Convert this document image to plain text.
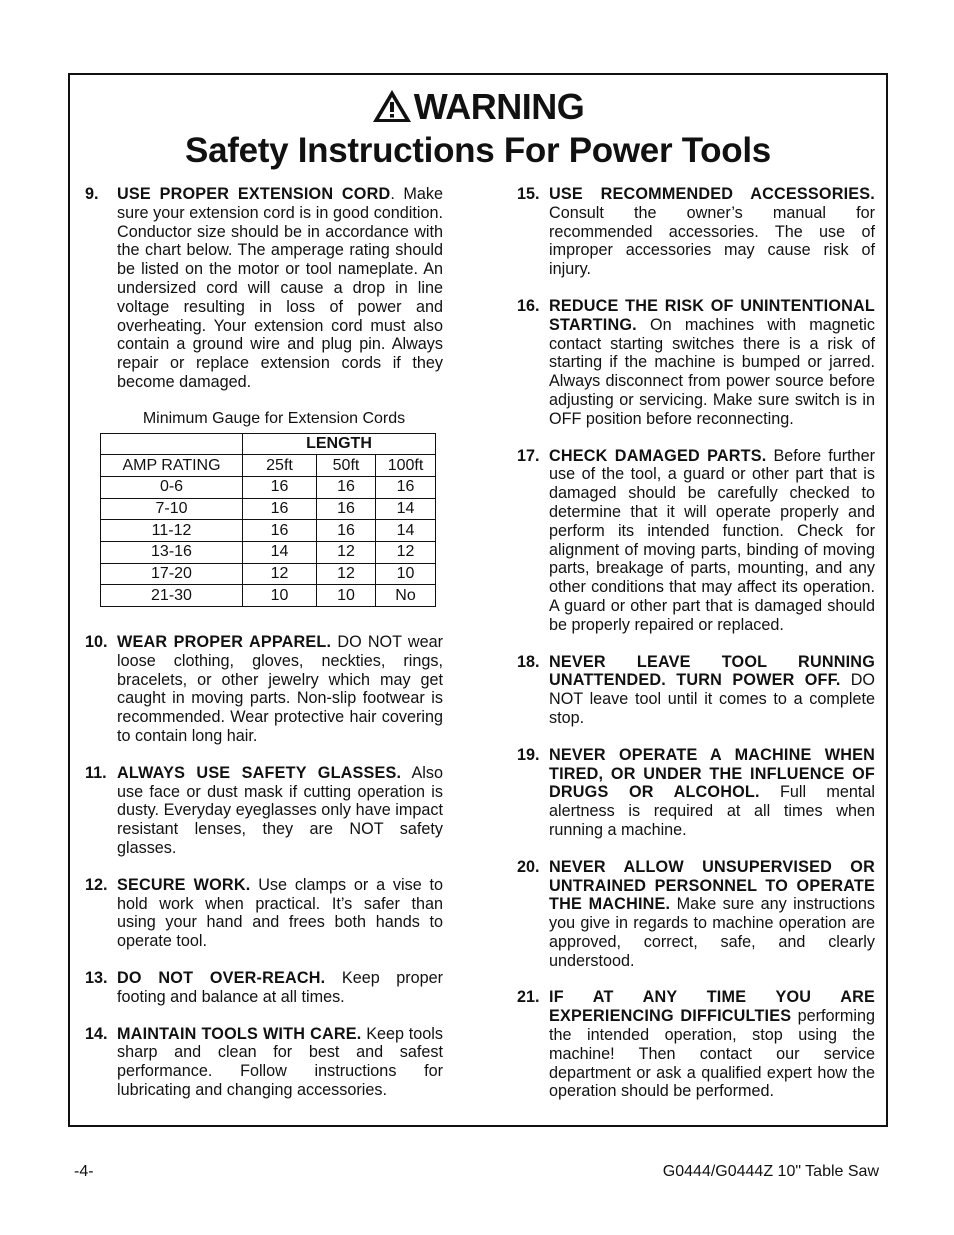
WARNING
Safety Instructions For Power Tools
9. USE PROPER EXTENSION CORD. Make sure your extension cord is in good condition. Conductor size should be in accordance with the chart below. The amperage rating should be listed on the motor or tool nameplate. An undersized cord will cause a drop in line voltage resulting in loss of power and overheating. Your extension cord must also contain a ground wire and plug pin. Always repair or replace extension cords if they become damaged.
Minimum Gauge for Extension Cords
	LENGTH		
AMP RATING	25ft	50ft	100ft
0-6	16	16	16
7-10	16	16	14
11-12	16	16	14
13-16	14	12	12
17-20	12	12	10
21-30	10	10	No
10. WEAR PROPER APPAREL. DO NOT wear loose clothing, gloves, neckties, rings, bracelets, or other jewelry which may get caught in moving parts. Non-slip footwear is recommended. Wear protective hair covering to contain long hair.
11. ALWAYS USE SAFETY GLASSES. Also use face or dust mask if cutting operation is dusty. Everyday eyeglasses only have impact resistant lenses, they are NOT safety glasses.
12. SECURE WORK. Use clamps or a vise to hold work when practical. It’s safer than using your hand and frees both hands to operate tool.
13. DO NOT OVER-REACH. Keep proper footing and balance at all times.
14. MAINTAIN TOOLS WITH CARE. Keep tools sharp and clean for best and safest performance. Follow instructions for lubricating and changing accessories.
15. USE RECOMMENDED ACCESSORIES. Consult the owner’s manual for recommended accessories. The use of improper accessories may cause risk of injury.
16. REDUCE THE RISK OF UNINTENTIONAL STARTING. On machines with magnetic contact starting switches there is a risk of starting if the machine is bumped or jarred. Always disconnect from power source before adjusting or servicing. Make sure switch is in OFF position before reconnecting.
17. CHECK DAMAGED PARTS. Before further use of the tool, a guard or other part that is damaged should be carefully checked to determine that it will operate properly and perform its intended function. Check for alignment of moving parts, binding of moving parts, breakage of parts, mounting, and any other conditions that may affect its operation. A guard or other part that is damaged should be properly repaired or replaced.
18. NEVER LEAVE TOOL RUNNING UNATTENDED. TURN POWER OFF. DO NOT leave tool until it comes to a complete stop.
19. NEVER OPERATE A MACHINE WHEN TIRED, OR UNDER THE INFLUENCE OF DRUGS OR ALCOHOL. Full mental alertness is required at all times when running a machine.
20. NEVER ALLOW UNSUPERVISED OR UNTRAINED PERSONNEL TO OPERATE THE MACHINE. Make sure any instructions you give in regards to machine operation are approved, correct, safe, and clearly understood.
21. IF AT ANY TIME YOU ARE EXPERIENCING DIFFICULTIES performing the intended operation, stop using the machine! Then contact our service department or ask a qualified expert how the operation should be performed.
-4-	G0444/G0444Z 10" Table Saw
